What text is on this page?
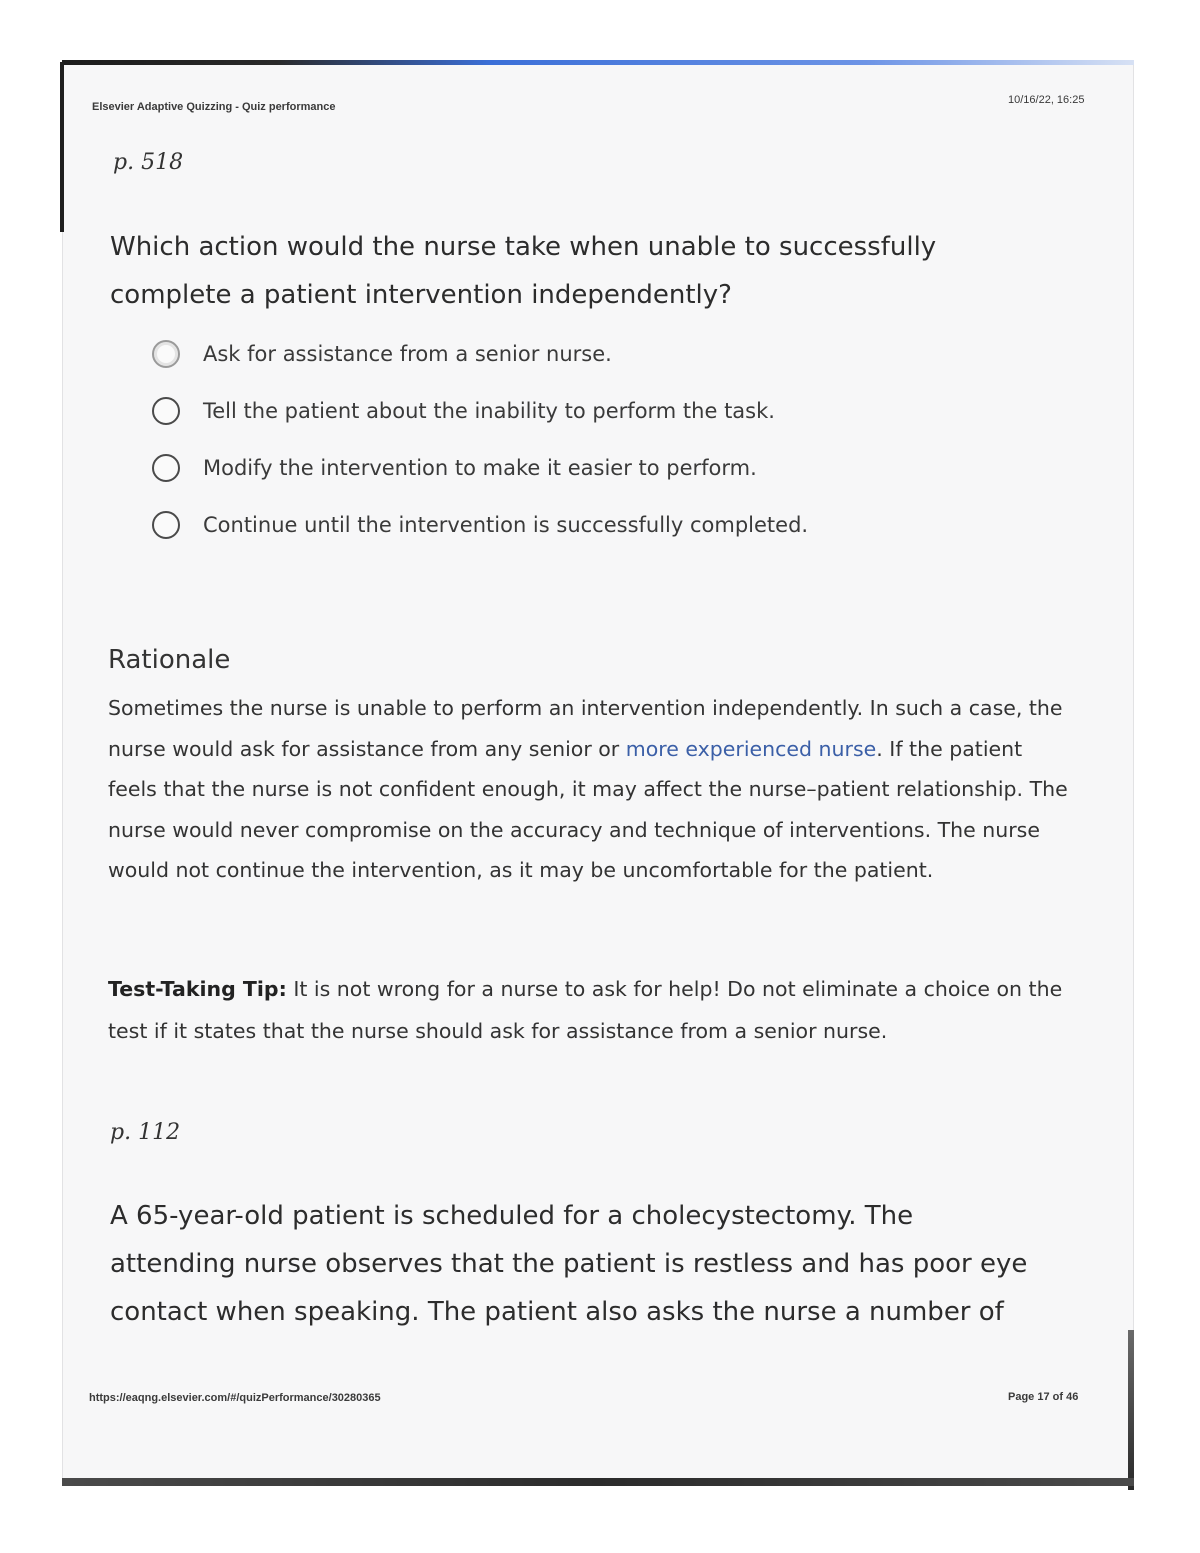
Elsevier Adaptive Quizzing - Quiz performance
10/16/22, 16:25
p. 518
Which action would the nurse take when unable to successfully
complete a patient intervention independently?
Ask for assistance from a senior nurse.
Tell the patient about the inability to perform the task.
Modify the intervention to make it easier to perform.
Continue until the intervention is successfully completed.
Rationale

Sometimes the nurse is unable to perform an intervention independently. In such a case, the nurse would ask for assistance from any senior or more experienced nurse. If the patient feels that the nurse is not confident enough, it may affect the nurse–patient relationship. The nurse would never compromise on the accuracy and technique of interventions. The nurse would not continue the intervention, as it may be uncomfortable for the patient.

Test-Taking Tip: It is not wrong for a nurse to ask for help! Do not eliminate a choice on the test if it states that the nurse should ask for assistance from a senior nurse.

p. 112
A 65-year-old patient is scheduled for a cholecystectomy. The
attending nurse observes that the patient is restless and has poor eye
contact when speaking. The patient also asks the nurse a number of
https://eaqng.elsevier.com/#/quizPerformance/30280365	Page 17 of 46
